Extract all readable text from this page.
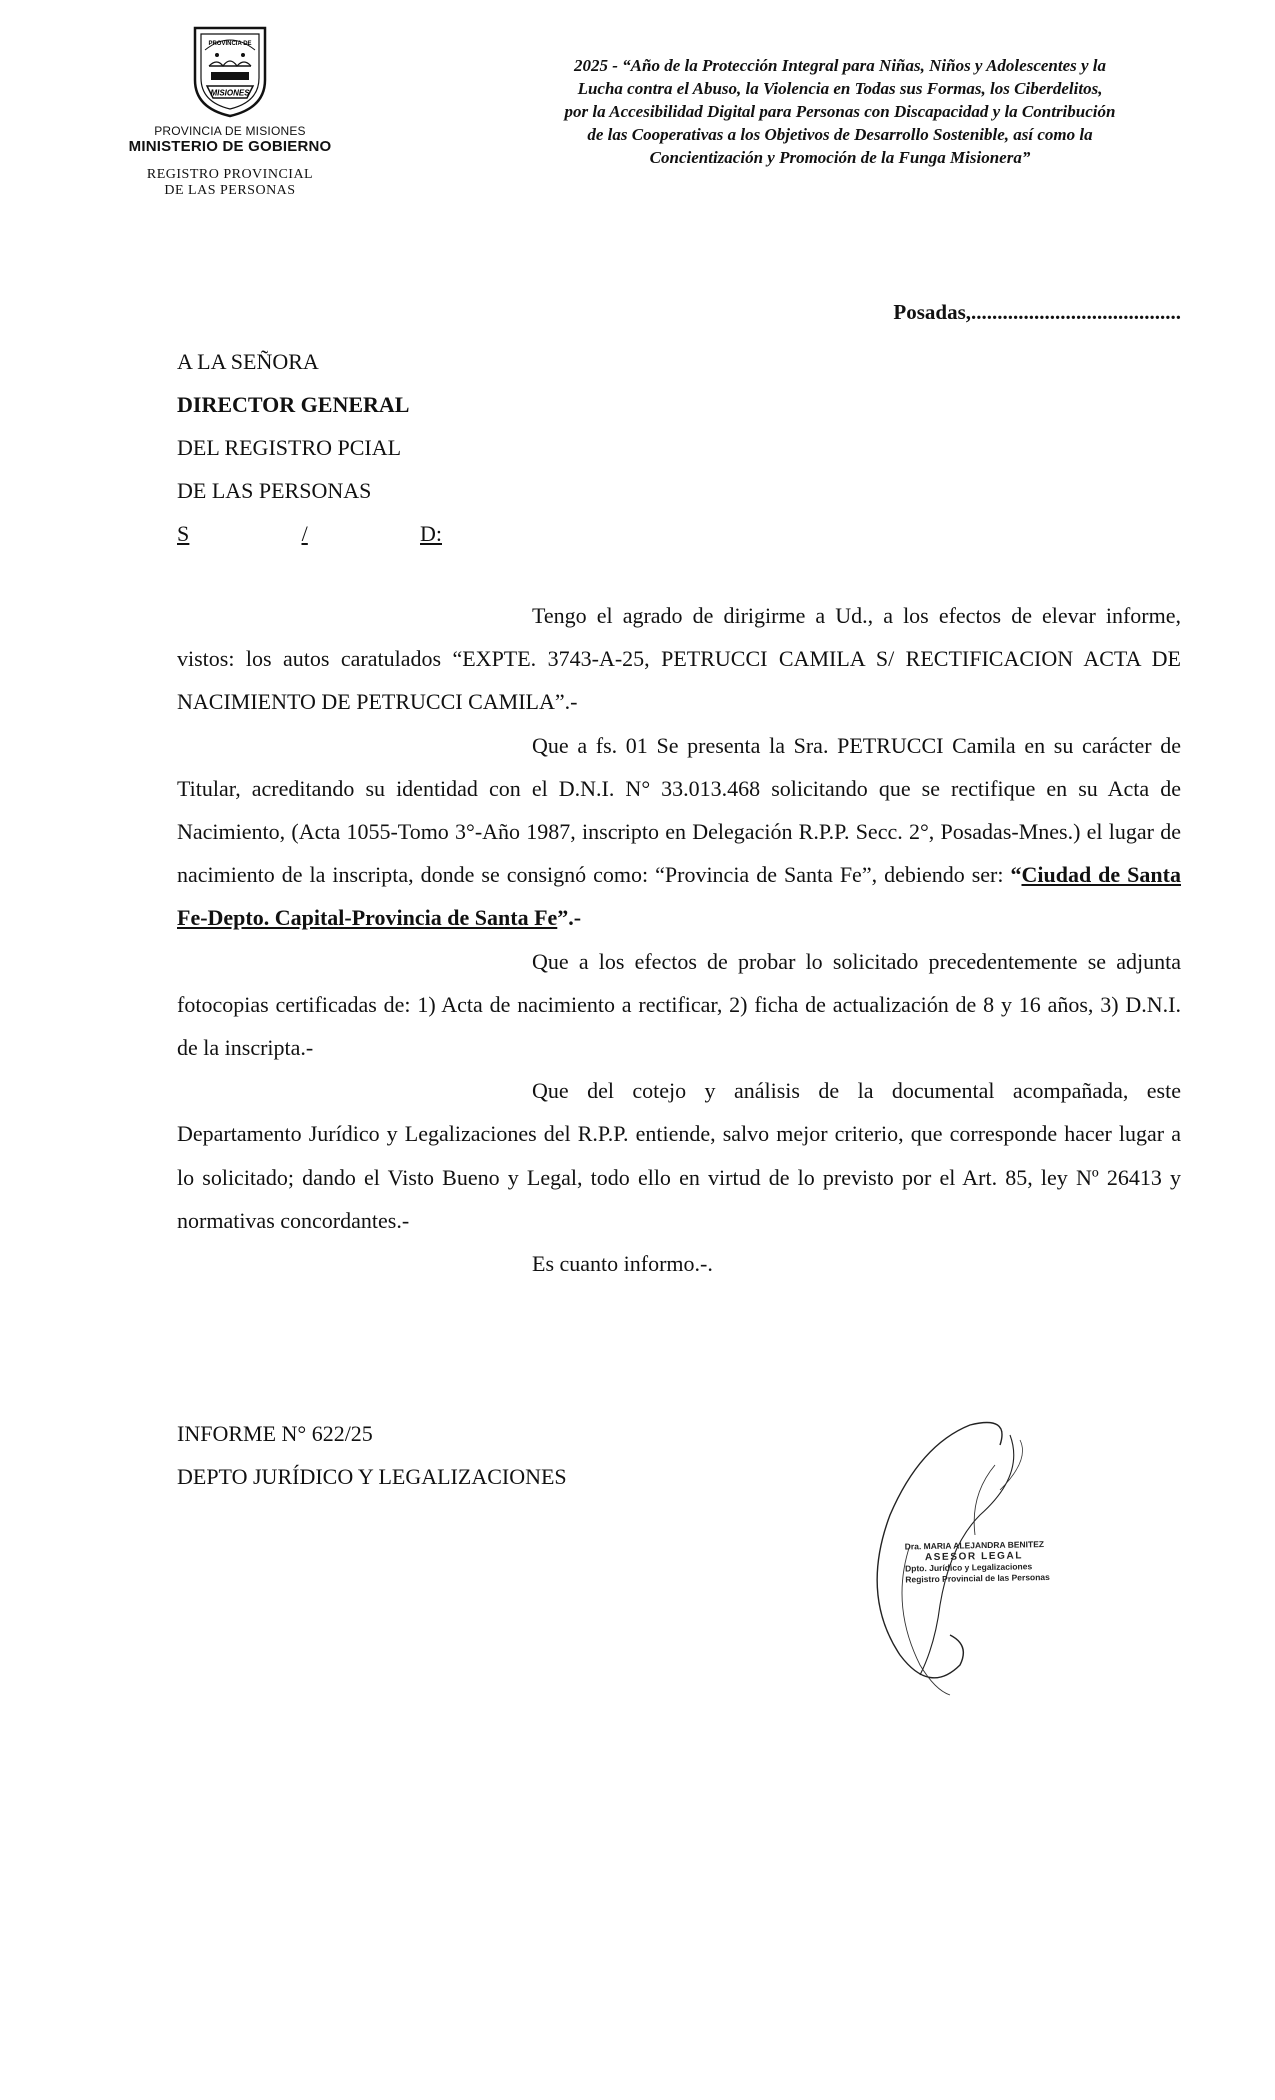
PROVINCIA DE
MISIONES
PROVINCIA DE MISIONES
MINISTERIO DE GOBIERNO
REGISTRO PROVINCIAL
DE LAS PERSONAS
2025 - “Año de la Protección Integral para Niñas, Niños y Adolescentes y la
Lucha contra el Abuso, la Violencia en Todas sus Formas, los Ciberdelitos,
por la Accesibilidad Digital para Personas con Discapacidad y la Contribución
de las Cooperativas a los Objetivos de Desarrollo Sostenible, así como la
Concientización y Promoción de la Funga Misionera”
Posadas,........................................
A LA SEÑORA
DIRECTOR GENERAL
DEL REGISTRO PCIAL
DE LAS PERSONAS
S	/	D:

Tengo el agrado de dirigirme a Ud., a los efectos de elevar informe, vistos: los autos caratulados “EXPTE. 3743-A-25, PETRUCCI CAMILA S/ RECTIFICACION ACTA DE NACIMIENTO DE PETRUCCI CAMILA”.-

Que a fs. 01 Se presenta la Sra. PETRUCCI Camila en su carácter de Titular, acreditando su identidad con el D.N.I. N° 33.013.468 solicitando que se rectifique en su Acta de Nacimiento, (Acta 1055-Tomo 3°-Año 1987, inscripto en Delegación R.P.P. Secc. 2°, Posadas-Mnes.) el lugar de nacimiento de la inscripta, donde se consignó como: “Provincia de Santa Fe”, debiendo ser: “Ciudad de Santa Fe-Depto. Capital-Provincia de Santa Fe”.-

Que a los efectos de probar lo solicitado precedentemente se adjunta fotocopias certificadas de: 1) Acta de nacimiento a rectificar, 2) ficha de actualización de 8 y 16 años, 3) D.N.I. de la inscripta.-

Que del cotejo y análisis de la documental acompañada, este Departamento Jurídico y Legalizaciones del R.P.P. entiende, salvo mejor criterio, que corresponde hacer lugar a lo solicitado; dando el Visto Bueno y Legal, todo ello en virtud de lo previsto por el Art. 85, ley Nº 26413 y normativas concordantes.-

Es cuanto informo.-.

INFORME N° 622/25
DEPTO JURÍDICO Y LEGALIZACIONES
Dra. MARIA ALEJANDRA BENITEZ
ASESOR LEGAL
Dpto. Jurídico y Legalizaciones
Registro Provincial de las Personas
